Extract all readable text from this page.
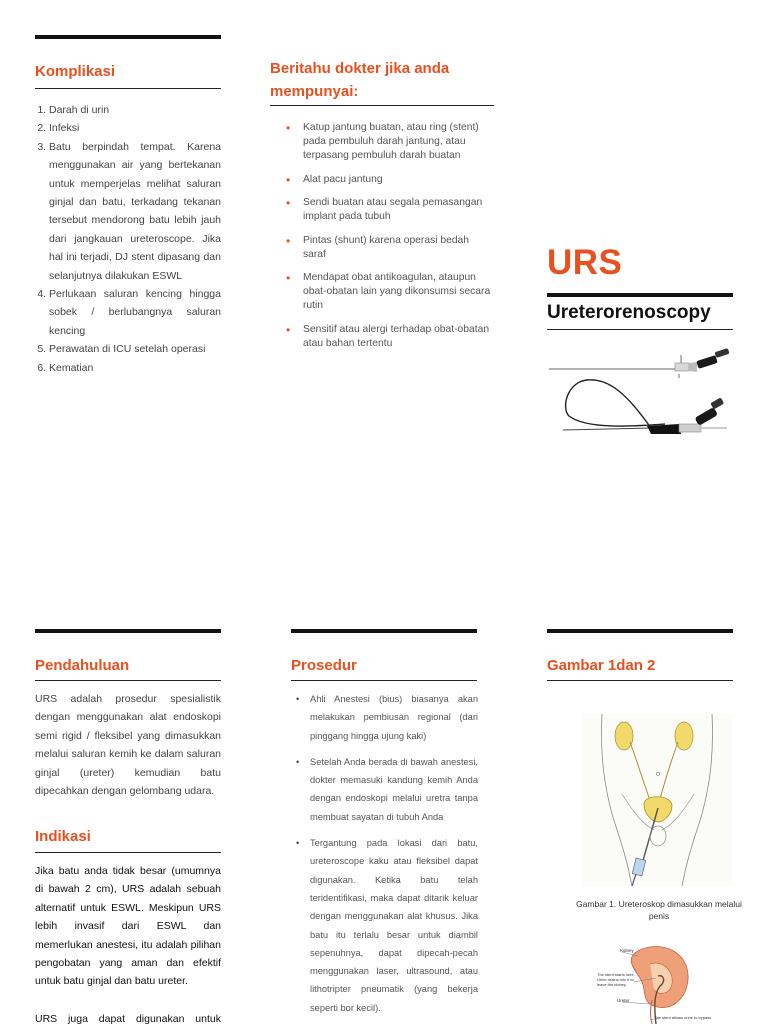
Komplikasi
1. Darah di urin
2. Infeksi
3. Batu berpindah tempat. Karena menggunakan air yang bertekanan untuk memperjelas melihat saluran ginjal dan batu, terkadang tekanan tersebut mendorong batu lebih jauh dari jangkauan ureteroscope. Jika hal ini terjadi, DJ stent dipasang dan selanjutnya dilakukan ESWL
4. Perlukaan saluran kencing hingga sobek / berlubangnya saluran kencing
5. Perawatan di ICU setelah operasi
6. Kematian
Beritahu dokter jika anda mempunyai:
• Katup jantung buatan, atau ring (stent) pada pembuluh darah jantung, atau terpasang pembuluh darah buatan
• Alat pacu jantung
• Sendi buatan atau segala pemasangan implant pada tubuh
• Pintas (shunt) karena operasi bedah saraf
• Mendapat obat antikoagulan, ataupun obat-obatan lain yang dikonsumsi secara rutin
• Sensitif atau alergi terhadap obat-obatan atau bahan tertentu
URS
Ureterorenoscopy
Pendahuluan
URS adalah prosedur spesialistik dengan menggunakan alat endoskopi semi rigid / fleksibel yang dimasukkan melalui saluran kemih ke dalam saluran ginjal (ureter) kemudian batu dipecahkan dengan gelombang udara.
Indikasi
Jika batu anda tidak besar (umumnya di bawah 2 cm), URS adalah sebuah alternatif untuk ESWL. Meskipun URS lebih invasif dari ESWL dan memerlukan anestesi, itu adalah pilihan pengobatan yang aman dan efektif untuk batu ginjal dan batu ureter.
URS juga dapat digunakan untuk
Prosedur
• Ahli Anestesi (bius) biasanya akan melakukan pembiusan regional (dari pinggang hingga ujung kaki)
• Setelah Anda berada di bawah anestesi, dokter memasuki kandung kemih Anda dengan endoskopi melalui uretra tanpa membuat sayatan di tubuh Anda
• Tergantung pada lokasi dari batu, ureteroscope kaku atau fleksibel dapat digunakan. Ketika batu telah teridentifikasi, maka dapat ditarik keluar dengan menggunakan alat khusus. Jika batu itu terlalu besar untuk diambil sepenuhnya, dapat dipecah-pecah menggunakan laser, ultrasound, atau lithotripter pneumatik (yang bekerja seperti bor kecil).
Gambar 1dan 2
Gambar 1. Ureteroskop dimasukkan melalui penis
Kidney
The stent starts here. Urine drains into it to leave the kidney.
Ureter
The stent allows urine to bypass
